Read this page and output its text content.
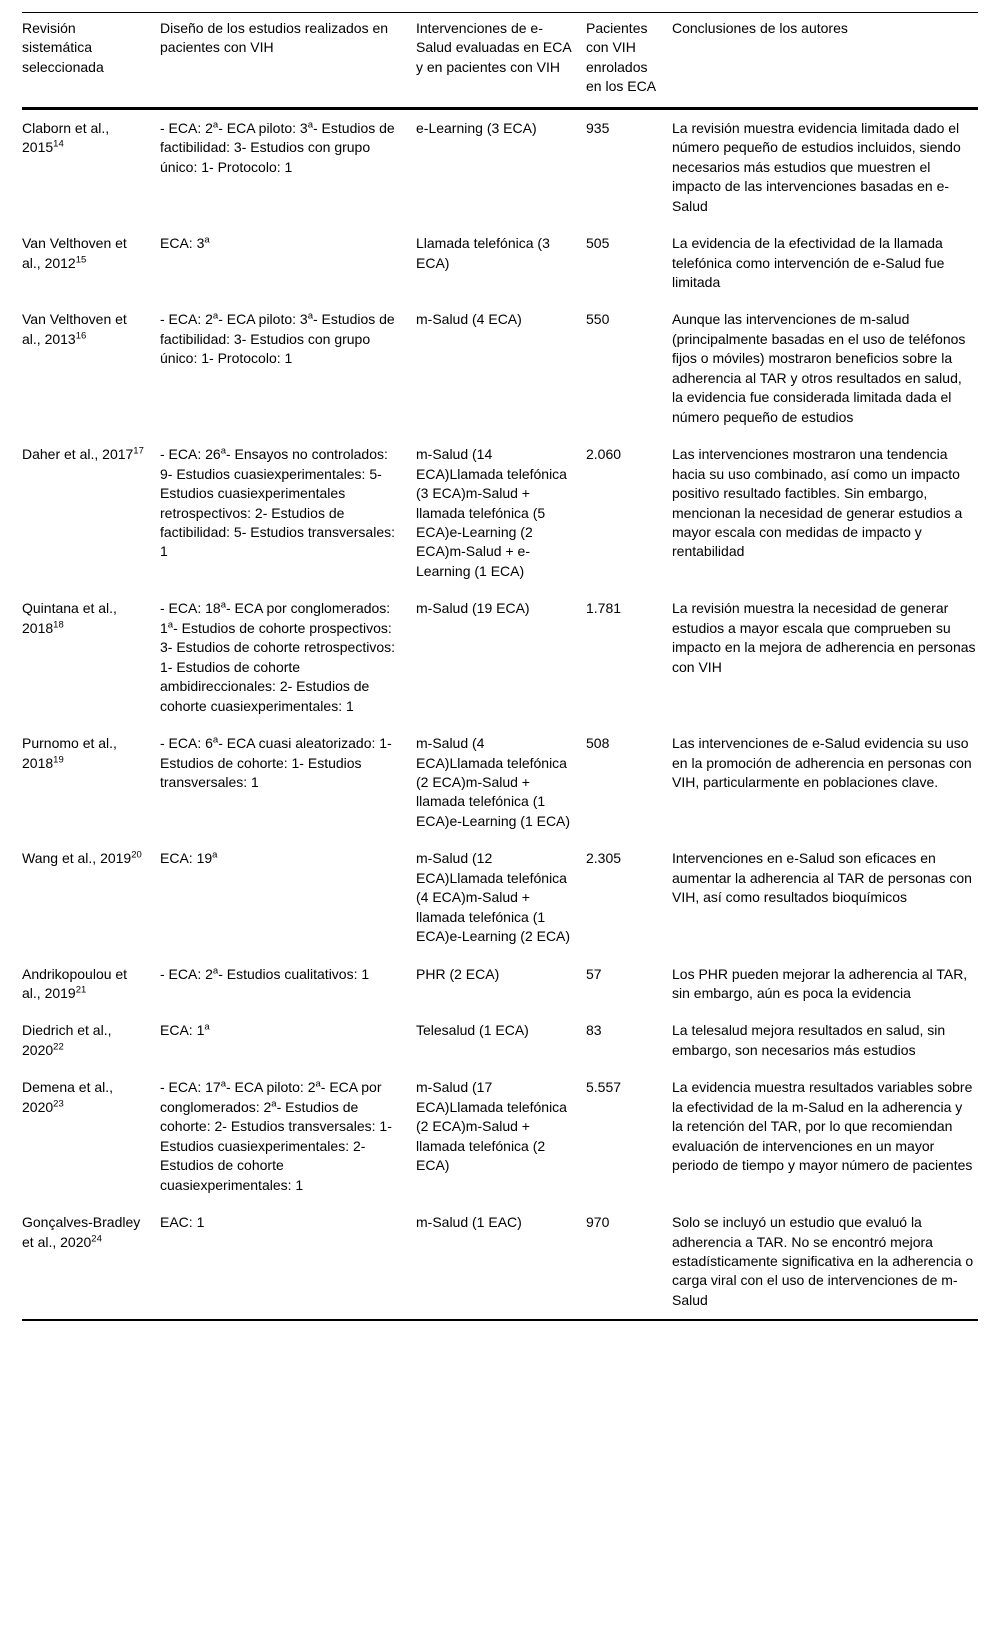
Revisión sistemática seleccionada	Diseño de los estudios realizados en pacientes con VIH	Intervenciones de e-Salud evaluadas en ECA y en pacientes con VIH	Pacientes con VIH enrolados en los ECA	Conclusiones de los autores
Claborn et al., 2015$^{14}$	- ECA: 2$^a$- ECA piloto: 3$^a$- Estudios de factibilidad: 3- Estudios con grupo único: 1- Protocolo: 1	e-Learning (3 ECA)	935	La revisión muestra evidencia limitada dado el número pequeño de estudios incluidos, siendo necesarios más estudios que muestren el impacto de las intervenciones basadas en e-Salud
Van Velthoven et al., 2012$^{15}$	ECA: 3$^a$	Llamada telefónica (3 ECA)	505	La evidencia de la efectividad de la llamada telefónica como intervención de e-Salud fue limitada
Van Velthoven et al., 2013$^{16}$	- ECA: 2$^a$- ECA piloto: 3$^a$- Estudios de factibilidad: 3- Estudios con grupo único: 1- Protocolo: 1	m-Salud (4 ECA)	550	Aunque las intervenciones de m-salud (principalmente basadas en el uso de teléfonos fijos o móviles) mostraron beneficios sobre la adherencia al TAR y otros resultados en salud, la evidencia fue considerada limitada dada el número pequeño de estudios
Daher et al., 2017$^{17}$	- ECA: 26$^a$- Ensayos no controlados: 9- Estudios cuasiexperimentales: 5- Estudios cuasiexperimentales retrospectivos: 2- Estudios de factibilidad: 5- Estudios transversales: 1	m-Salud (14 ECA)Llamada telefónica (3 ECA)m-Salud + llamada telefónica (5 ECA)e-Learning (2 ECA)m-Salud + e-Learning (1 ECA)	2.060	Las intervenciones mostraron una tendencia hacia su uso combinado, así como un impacto positivo resultado factibles. Sin embargo, mencionan la necesidad de generar estudios a mayor escala con medidas de impacto y rentabilidad
Quintana et al., 2018$^{18}$	- ECA: 18$^a$- ECA por conglomerados: 1$^a$- Estudios de cohorte prospectivos: 3- Estudios de cohorte retrospectivos: 1- Estudios de cohorte ambidireccionales: 2- Estudios de cohorte cuasiexperimentales: 1	m-Salud (19 ECA)	1.781	La revisión muestra la necesidad de generar estudios a mayor escala que comprueben su impacto en la mejora de adherencia en personas con VIH
Purnomo et al., 2018$^{19}$	- ECA: 6$^a$- ECA cuasi aleatorizado: 1- Estudios de cohorte: 1- Estudios transversales: 1	m-Salud (4 ECA)Llamada telefónica (2 ECA)m-Salud + llamada telefónica (1 ECA)e-Learning (1 ECA)	508	Las intervenciones de e-Salud evidencia su uso en la promoción de adherencia en personas con VIH, particularmente en poblaciones clave.
Wang et al., 2019$^{20}$	ECA: 19$^a$	m-Salud (12 ECA)Llamada telefónica (4 ECA)m-Salud + llamada telefónica (1 ECA)e-Learning (2 ECA)	2.305	Intervenciones en e-Salud son eficaces en aumentar la adherencia al TAR de personas con VIH, así como resultados bioquímicos
Andrikopoulou et al., 2019$^{21}$	- ECA: 2$^a$- Estudios cualitativos: 1	PHR (2 ECA)	57	Los PHR pueden mejorar la adherencia al TAR, sin embargo, aún es poca la evidencia
Diedrich et al., 2020$^{22}$	ECA: 1$^a$	Telesalud (1 ECA)	83	La telesalud mejora resultados en salud, sin embargo, son necesarios más estudios
Demena et al., 2020$^{23}$	- ECA: 17$^a$- ECA piloto: 2$^a$- ECA por conglomerados: 2$^a$- Estudios de cohorte: 2- Estudios transversales: 1- Estudios cuasiexperimentales: 2- Estudios de cohorte cuasiexperimentales: 1	m-Salud (17 ECA)Llamada telefónica (2 ECA)m-Salud + llamada telefónica (2 ECA)	5.557	La evidencia muestra resultados variables sobre la efectividad de la m-Salud en la adherencia y la retención del TAR, por lo que recomiendan evaluación de intervenciones en un mayor periodo de tiempo y mayor número de pacientes
Gonçalves-Bradley et al., 2020$^{24}$	EAC: 1	m-Salud (1 EAC)	970	Solo se incluyó un estudio que evaluó la adherencia a TAR. No se encontró mejora estadísticamente significativa en la adherencia o carga viral con el uso de intervenciones de m-Salud
